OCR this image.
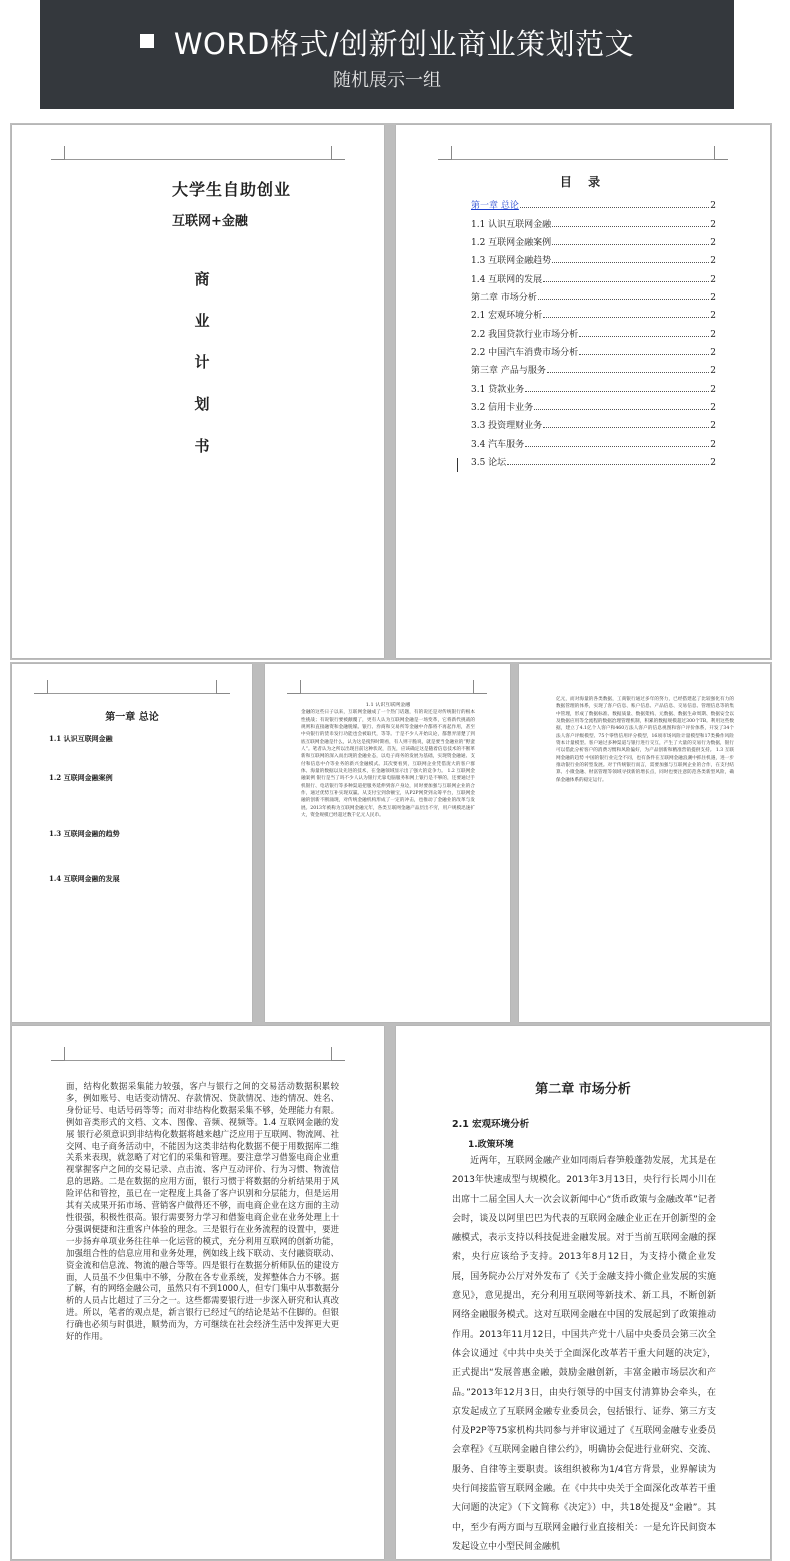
WORD格式/创新创业商业策划范文
随机展示一组
大学生自助创业
互联网+金融
商
业
计
划
书
目 录
第一章 总论	2
1.1 认识互联网金融	2
1.2 互联网金融案例	2
1.3 互联网金融趋势	2
1.4 互联网的发展	2
第二章 市场分析	2
2.1 宏观环境分析	2
2.2 我国贷款行业市场分析	2
2.2 中国汽车消费市场分析	2
第三章 产品与服务	2
3.1 贷款业务	2
3.2 信用卡业务	2
3.3 投资理财业务	2
3.4 汽车服务	2
3.5 论坛	2
第一章 总论
1.1 认识互联网金融
1.2 互联网金融案例
1.3 互联网金融的趋势
1.4 互联网金融的发展
1.1 认识互联网金融
金融的这些日子以来，互联网金融成了一个热门话题，有的说还是对传统银行的根本性挑战；有说银行要被颠覆了，更有人认为互联网金融是一场变革，它将新代挑战的规则和直接融资和金融脱媒。银行、券商和交易所等金融中介都将不再起作用，甚至中央银行的货币发行功能也会被取代，等等。于是不少人开始议论，都想弄清楚了到底互联网金融是什么，认为这是搅得时期看，有人则干脆说，就是要当金融业的“野蛮人”。笔者认为之所以出现目前这种状况，首先，应该确定这是随着信息技术的不断革新和互联网的深入而出现的金融业态，以电子商务的发展为基础，实现资金融通、支付和信息中介等业务的新兴金融模式。其次要看到，互联网企业凭借庞大的客户群体、海量的数据以及先进的技术，在金融领域显示出了强大的竞争力。 1.2 互联网金融案例 银行是当了吗不少人认为银行光靠电脑服务和网上银行是不够的，还要通过手机银行、电话银行等多种渠道把服务延伸到客户身边，同时要加强与互联网企业的合作，通过优势互补实现双赢。从支付宝到余额宝，从P2P网贷到众筹平台，互联网金融的创新不断涌现，对传统金融机构形成了一定的冲击，也推动了金融业的改革与发展。2013年被称为互联网金融元年，各类互联网金融产品层出不穷，用户规模迅速扩大，资金规模已经超过数千亿元人民币。
亿元，而对海量的各类数据，工商银行通过多年的努力，已经搭建起了比较强化有力的数据管理的体系，实现了客户信息、账户信息、产品信息、交易信息、管理信息等的集中管理，形成了数据标准、数据质量、数据架构、元数据、数据生命周期、数据安全以及数据应用等全流程的数据治理管理机制，积累的数据规模超过300个TB。利用这些数据，建立了4.1亿个人客户和460万法人客户的信息视图和客户评价体系，开发了34个法人客户评级模型、75个零售信用评分模型，16项市场风险计量模型和17类操作风险资本计量模型。客户通过多种渠道与银行进行交互，产生了大量的交易行为数据，银行可以借此分析客户的消费习惯和风险偏好，为产品创新和精准营销提供支持。 1.3 互联网金融的趋势 中国的银行业完全不同，也有条件在互联网金融浪潮中抓住机遇，进一步推动银行业的转型发展。对于传统银行而言，需要加强与互联网企业的合作，在支付结算、小微金融、财富管理等领域寻找新的增长点，同时也要注意防范各类新型风险，确保金融体系的稳定运行。
面，结构化数据采集能力较强，客户与银行之间的交易活动数据积累较多，例如账号、电话变动情况、存款情况、贷款情况、违约情况、姓名、身份证号、电话号码等等；而对非结构化数据采集不够，处理能力有限。例如音类形式的文档、文本、图像、音频、视频等。1.4 互联网金融的发展 银行必须意识到非结构化数据将越来越广泛应用于互联网、物流网、社交网、电子商务活动中，不能因为这类非结构化数据不便于用数据库二维关系来表现，就忽略了对它们的采集和管理。要注意学习借鉴电商企业重视掌握客户之间的交易记录、点击流、客户互动评价、行为习惯、物流信息的思路。二是在数据的应用方面，银行习惯于将数据的分析结果用于风险评估和管控，虽已在一定程度上具备了客户识别和分层能力，但是运用其有关成果开拓市场、营销客户做得还不够，而电商企业在这方面的主动性很强，积极性很高。银行需要努力学习和借鉴电商企业在业务处理上十分强调便捷和注重客户体验的理念。三是银行在业务流程的设置中，要进一步扬弃单项业务往往单一化运营的模式，充分利用互联网的创新功能，加强组合性的信息应用和业务处理，例如线上线下联动、支付融资联动、资金流和信息流、物流的融合等等。四是银行在数据分析师队伍的建设方面，人员虽不少但集中不够，分散在各专业系统，发挥整体合力不够。据了解，有的网络金融公司，虽然只有不到1000人，但专门集中从事数据分析的人员占比超过了三分之一。这些都需要银行进一步深入研究和认真改进。所以，笔者的观点是，新言银行已经过气的结论是站不住脚的。但银行确也必须与时俱进，顺势而为，方可继续在社会经济生活中发挥更大更好的作用。
第二章 市场分析
2.1 宏观环境分析
1.政策环境
近两年，互联网金融产业如同雨后春笋般蓬勃发展，尤其是在2013年快速成型与规模化。2013年3月13日，央行行长周小川在出席十二届全国人大一次会议新闻中心“货币政策与金融改革”记者会时，谈及以阿里巴巴为代表的互联网金融企业正在开创新型的金融模式，表示支持以科技促进金融发展。对于当前互联网金融的探索，央行应该给予支持。2013年8月12日，为支持小微企业发展，国务院办公厅对外发布了《关于金融支持小微企业发展的实施意见》，意见提出，充分利用互联网等新技术、新工具，不断创新网络金融服务模式。这对互联网金融在中国的发展起到了政策推动作用。2013年11月12日，中国共产党十八届中央委员会第三次全体会议通过《中共中央关于全面深化改革若干重大问题的决定》，正式提出“发展普惠金融，鼓励金融创新，丰富金融市场层次和产品。”2013年12月3日，由央行领导的中国支付清算协会牵头，在京发起成立了互联网金融专业委员会，包括银行、证券、第三方支付及P2P等75家机构共同参与并审议通过了《互联网金融专业委员会章程》《互联网金融自律公约》，明确协会促进行业研究、交流、服务、自律等主要职责。该组织被称为1/4官方背景，业界解读为央行间接监管互联网金融。在《中共中央关于全面深化改革若干重大问题的决定》（下文简称《决定》）中，共18处提及“金融”。其中，至少有两方面与互联网金融行业直接相关：一是允许民间资本发起设立中小型民间金融机
